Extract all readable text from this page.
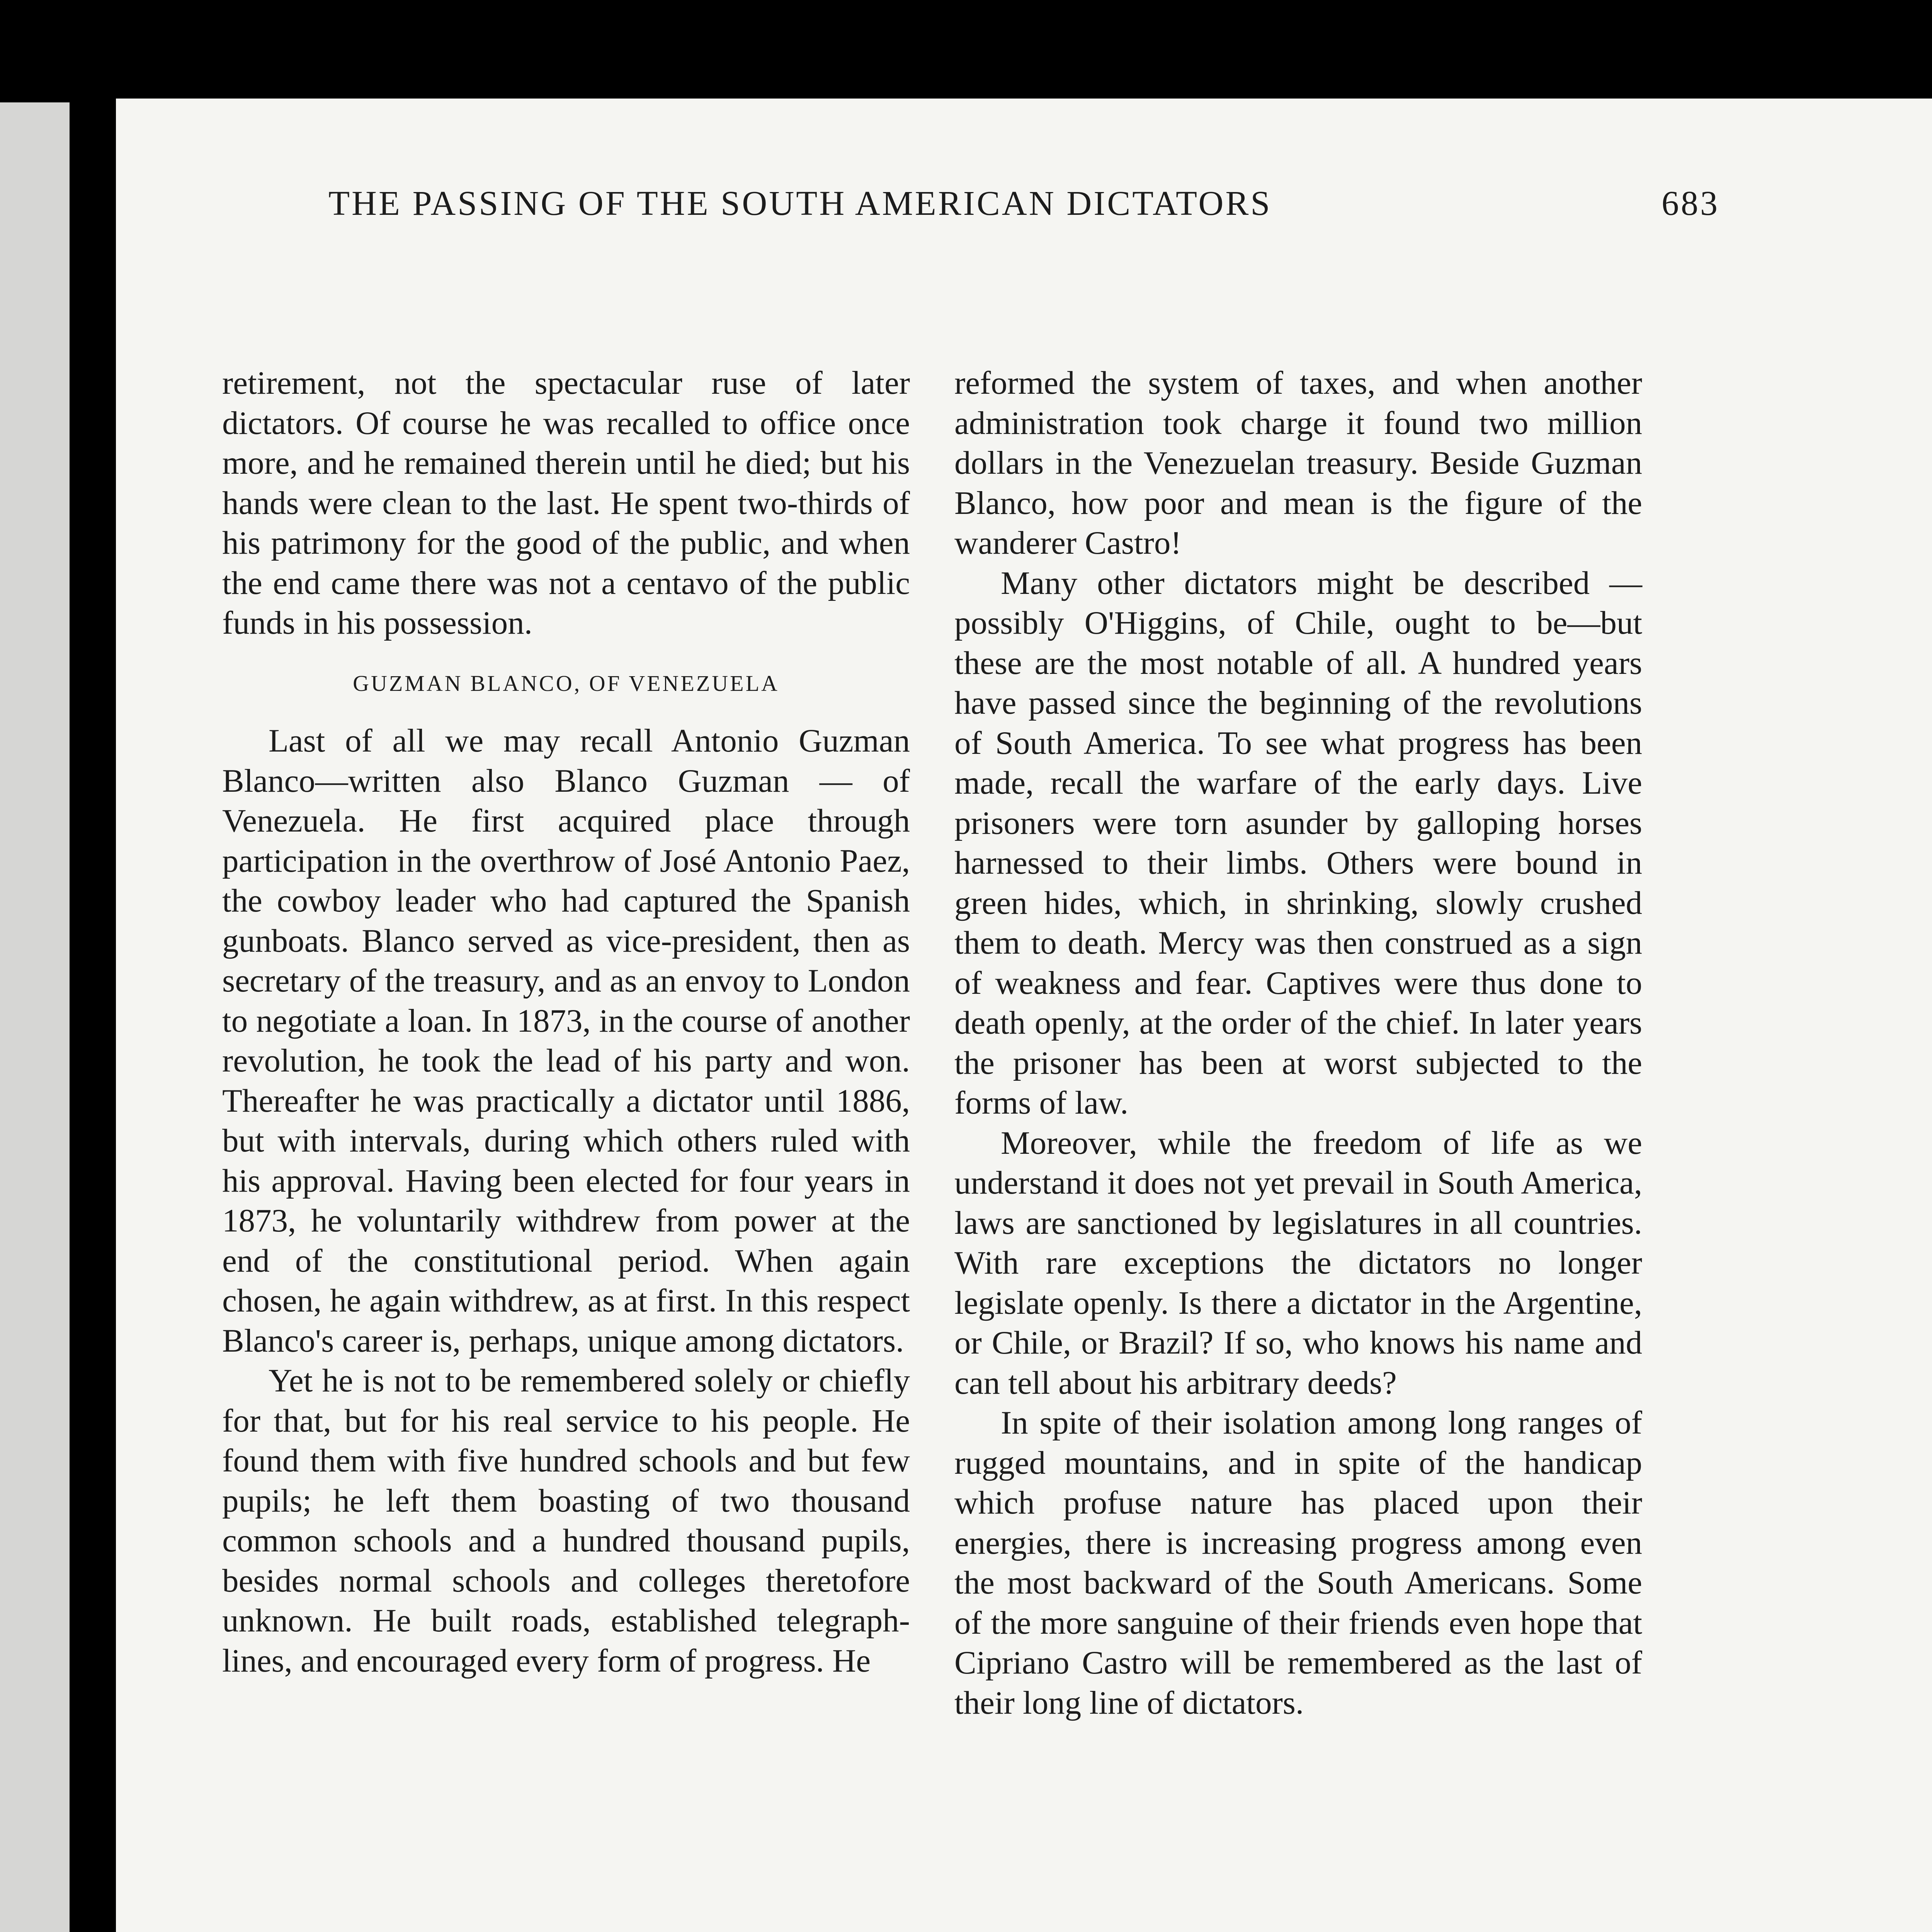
THE PASSING OF THE SOUTH AMERICAN DICTATORS	683

retirement, not the spectacular ruse of later dictators. Of course he was recalled to office once more, and he remained therein until he died; but his hands were clean to the last. He spent two-thirds of his patrimony for the good of the public, and when the end came there was not a centavo of the public funds in his possession.

GUZMAN BLANCO, OF VENEZUELA

Last of all we may recall Antonio Guzman Blanco—written also Blanco Guzman — of Venezuela. He first acquired place through participation in the overthrow of José Antonio Paez, the cowboy leader who had captured the Spanish gunboats. Blanco served as vice-president, then as secretary of the treasury, and as an envoy to London to negotiate a loan. In 1873, in the course of another revolution, he took the lead of his party and won. Thereafter he was practically a dictator until 1886, but with intervals, during which others ruled with his approval. Having been elected for four years in 1873, he voluntarily withdrew from power at the end of the constitutional period. When again chosen, he again withdrew, as at first. In this respect Blanco's career is, perhaps, unique among dictators.

Yet he is not to be remembered solely or chiefly for that, but for his real service to his people. He found them with five hundred schools and but few pupils; he left them boasting of two thousand common schools and a hundred thousand pupils, besides normal schools and colleges theretofore unknown. He built roads, established telegraph-lines, and encouraged every form of progress. He

reformed the system of taxes, and when another administration took charge it found two million dollars in the Venezuelan treasury. Beside Guzman Blanco, how poor and mean is the figure of the wanderer Castro!

Many other dictators might be described — possibly O'Higgins, of Chile, ought to be—but these are the most notable of all. A hundred years have passed since the beginning of the revolutions of South America. To see what progress has been made, recall the warfare of the early days. Live prisoners were torn asunder by galloping horses harnessed to their limbs. Others were bound in green hides, which, in shrinking, slowly crushed them to death. Mercy was then construed as a sign of weakness and fear. Captives were thus done to death openly, at the order of the chief. In later years the prisoner has been at worst subjected to the forms of law.

Moreover, while the freedom of life as we understand it does not yet prevail in South America, laws are sanctioned by legislatures in all countries. With rare exceptions the dictators no longer legislate openly. Is there a dictator in the Argentine, or Chile, or Brazil? If so, who knows his name and can tell about his arbitrary deeds?

In spite of their isolation among long ranges of rugged mountains, and in spite of the handicap which profuse nature has placed upon their energies, there is increasing progress among even the most backward of the South Americans. Some of the more sanguine of their friends even hope that Cipriano Castro will be remembered as the last of their long line of dictators.
